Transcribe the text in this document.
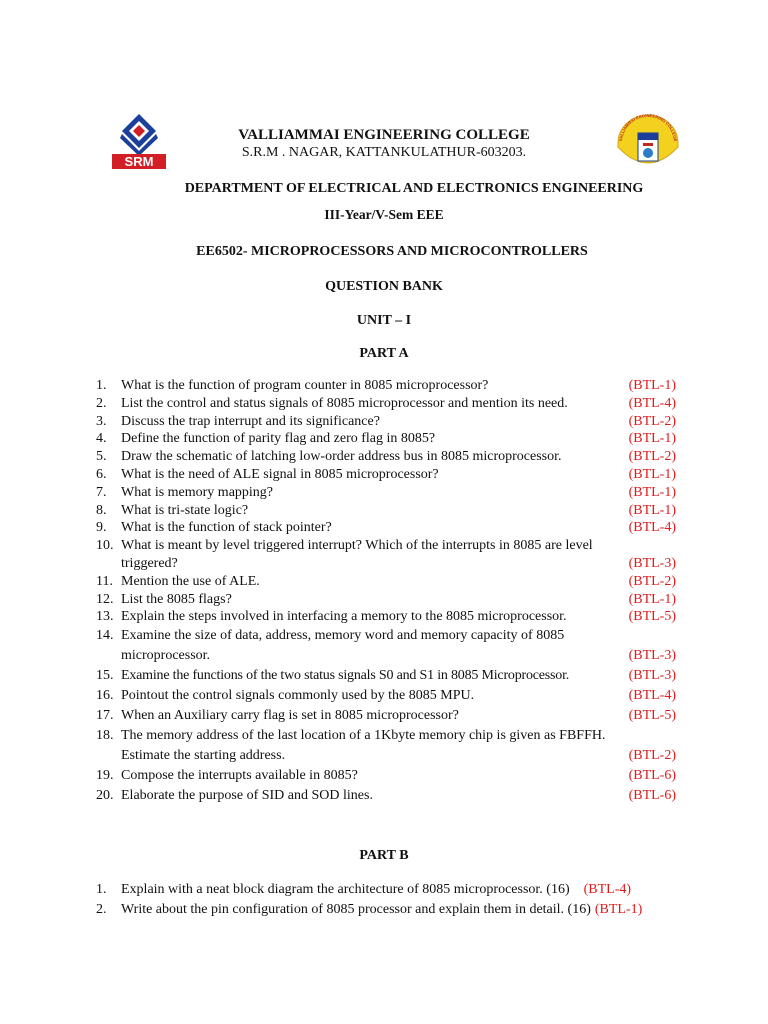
SRM
VALLIAMMAI ENGINEERING COLLEGE
VALLIAMMAI ENGINEERING COLLEGE
S.R.M . NAGAR, KATTANKULATHUR-603203.
DEPARTMENT OF ELECTRICAL AND ELECTRONICS ENGINEERING
III-Year/V-Sem EEE
EE6502- MICROPROCESSORS AND MICROCONTROLLERS
QUESTION BANK
UNIT – I
PART A
1.	What is the function of program counter in 8085 microprocessor?	(BTL-1)
2.	List the control and status signals of 8085 microprocessor and mention its need.	(BTL-4)
3.	Discuss the trap interrupt and its significance?	(BTL-2)
4.	Define the function of parity flag and zero flag in 8085?	(BTL-1)
5.	Draw the schematic of latching low-order address bus in 8085 microprocessor.	(BTL-2)
6.	What is the need of ALE signal in 8085 microprocessor?	(BTL-1)
7.	What is memory mapping?	(BTL-1)
8.	What is tri-state logic?	(BTL-1)
9.	What is the function of stack pointer?	(BTL-4)
10. What is meant by level triggered interrupt? Which of the interrupts in 8085 are level triggered?	(BTL-3)
11. Mention the use of ALE.	(BTL-2)
12. List the 8085 flags?	(BTL-1)
13. Explain the steps involved in interfacing a memory to the 8085 microprocessor.	(BTL-5)
14. Examine the size of data, address, memory word and memory capacity of 8085 microprocessor.	(BTL-3)
15. Examine the functions of the two status signals S0 and S1 in 8085 Microprocessor.	(BTL-3)
16. Pointout the control signals commonly used by the 8085 MPU.	(BTL-4)
17. When an Auxiliary carry flag is set in 8085 microprocessor?	(BTL-5)
18. The memory address of the last location of a 1Kbyte memory chip is given as FBFFH. Estimate the starting address.	(BTL-2)
19. Compose the interrupts available in 8085?	(BTL-6)
20. Elaborate the purpose of SID and SOD lines.	(BTL-6)
PART B
1.	Explain with a neat block diagram the architecture of 8085 microprocessor. (16) (BTL-4)
2.	Write about the pin configuration of 8085 processor and explain them in detail. (16) (BTL-1)
